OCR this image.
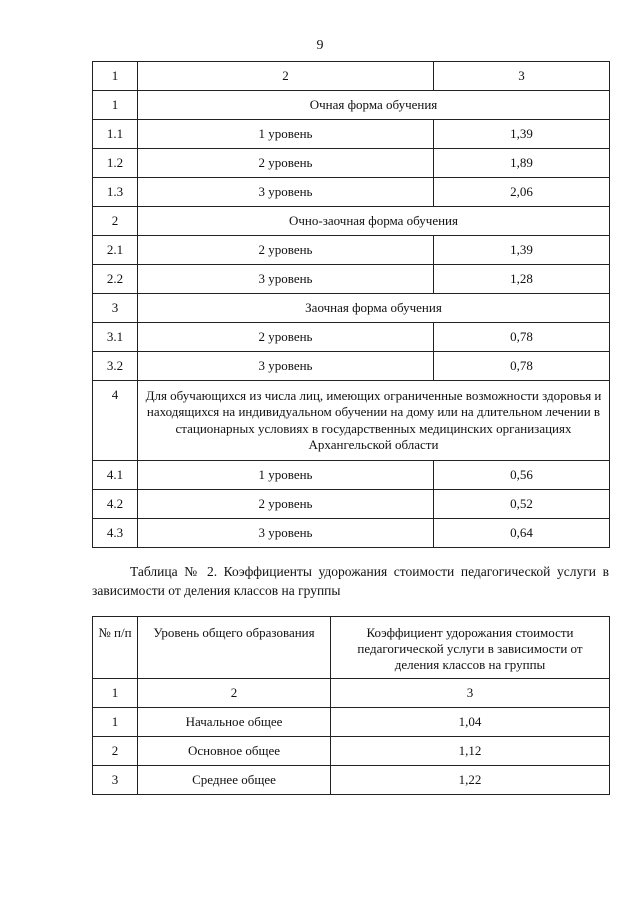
9
1	2	3
1	Очная форма обучения	
1.1	1 уровень	1,39
1.2	2 уровень	1,89
1.3	3 уровень	2,06
2	Очно-заочная форма обучения	
2.1	2 уровень	1,39
2.2	3 уровень	1,28
3	Заочная форма обучения	
3.1	2 уровень	0,78
3.2	3 уровень	0,78
4	Для обучающихся из числа лиц, имеющих ограниченные возможности здоровья и находящихся на индивидуальном обучении на дому или на длительном лечении в стационарных условиях в государственных медицинских организациях Архангельской области	
4.1	1 уровень	0,56
4.2	2 уровень	0,52
4.3	3 уровень	0,64
Таблица № 2. Коэффициенты удорожания стоимости педагогической услуги в зависимости от деления классов на группы
№ п/п	Уровень общего образования	Коэффициент удорожания стоимости педагогической услуги в зависимости от деления классов на группы
1	2	3
1	Начальное общее	1,04
2	Основное общее	1,12
3	Среднее общее	1,22
